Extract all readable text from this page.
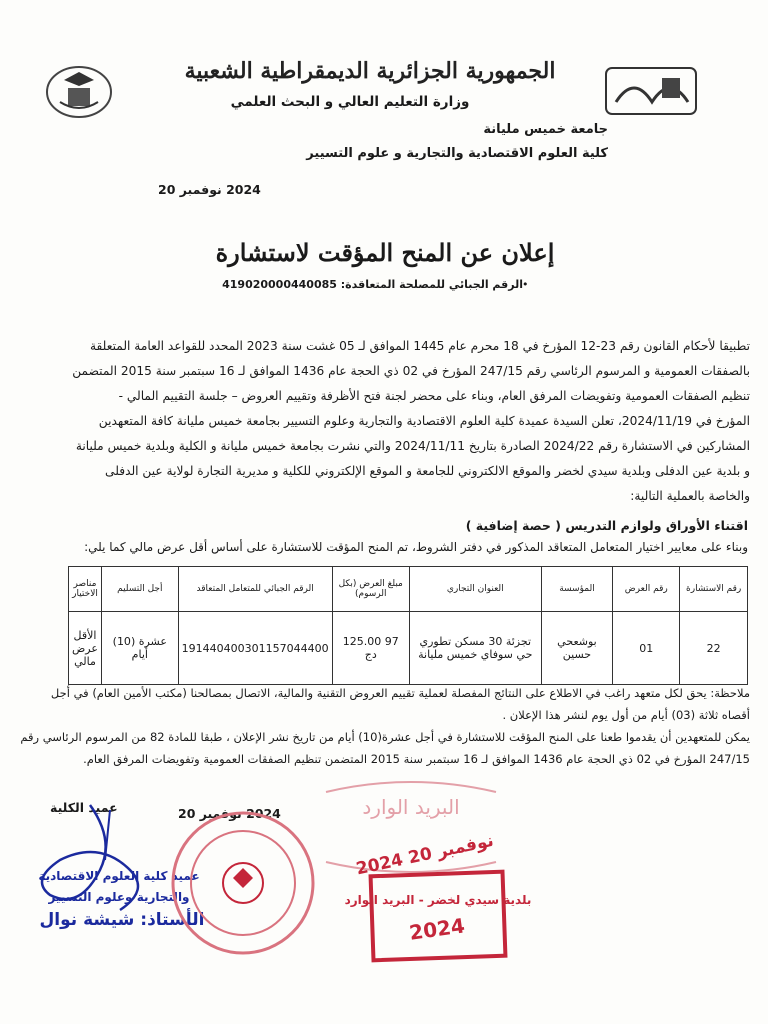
الجمهورية الجزائرية الديمقراطية الشعبية
وزارة التعليم العالي و البحث العلمي
جامعة خميس مليانة
كلية العلوم الاقتصادية والتجارية و علوم التسيير
2024 نوفمبر 20
إعلان عن المنح المؤقت لاستشارة
الرقم الجبائي للمصلحة المتعاقدة: 419020000440085 •

تطبيقا لأحكام القانون رقم 23-12 المؤرخ في 18 محرم عام 1445 الموافق لـ 05 غشت سنة 2023 المحدد للقواعد العامة المتعلقة

بالصفقات العمومية و المرسوم الرئاسي رقم 247/15 المؤرخ في 02 ذي الحجة عام 1436 الموافق لـ 16 سبتمبر سنة 2015 المتضمن

تنظيم الصفقات العمومية وتفويضات المرفق العام، وبناء على محضر لجنة فتح الأظرفة وتقييم العروض – جلسة التقييم المالي -

المؤرخ في 2024/11/19، تعلن السيدة عميدة كلية العلوم الاقتصادية والتجارية وعلوم التسيير بجامعة خميس مليانة كافة المتعهدين

المشاركين في الاستشارة رقم 2024/22 الصادرة بتاريخ 2024/11/11 والتي نشرت بجامعة خميس مليانة و الكلية وبلدية خميس مليانة

و بلدية عين الدفلى وبلدية سيدي لخضر والموقع الالكتروني للجامعة و الموقع الإلكتروني للكلية و مديرية التجارة لولاية عين الدفلى

والخاصة بالعملية التالية:

اقتناء الأوراق ولوازم التدريس ( حصة إضافية )
وبناء على معايير اختيار المتعامل المتعاقد المذكور في دفتر الشروط، تم المنح المؤقت للاستشارة على أساس أقل عرض مالي كما يلي:
رقم الاستشارة	رقم العرض	المؤسسة	العنوان التجاري	مبلغ العرض (بكل الرسوم)	الرقم الجبائي للمتعامل المتعاقد	أجل التسليم	مناصر الاختيار
22	01	بوشعحي حسين	تجزئة 30 مسكن تطوري حي سوفاي خميس مليانة	97 125.00 دج	191440400301157044400	عشرة (10) أيام	الأقل عرض مالي

ملاحظة: يحق لكل متعهد راغب في الاطلاع على النتائج المفصلة لعملية تقييم العروض التقنية والمالية، الاتصال بمصالحنا (مكتب الأمين العام) في أجل

أقصاه ثلاثة (03) أيام من أول يوم لنشر هذا الإعلان .

يمكن للمتعهدين أن يقدموا طعنا على المنح المؤقت للاستشارة في أجل عشرة(10) أيام من تاريخ نشر الإعلان ، طبقا للمادة 82 من المرسوم الرئاسي رقم

247/15 المؤرخ في 02 ذي الحجة عام 1436 الموافق لـ 16 سبتمبر سنة 2015 المتضمن تنظيم الصفقات العمومية وتفويضات المرفق العام.

عميد الكلية	2024 نوفمبر 20
عميد كلية العلوم الاقتصادية
والتجارية وعلوم التسيير
الأستاذ: شيشة نوال
البريد الوارد
2024 نوفمبر 20
بلدية سيدي لخضر - البريد الوارد
2024
